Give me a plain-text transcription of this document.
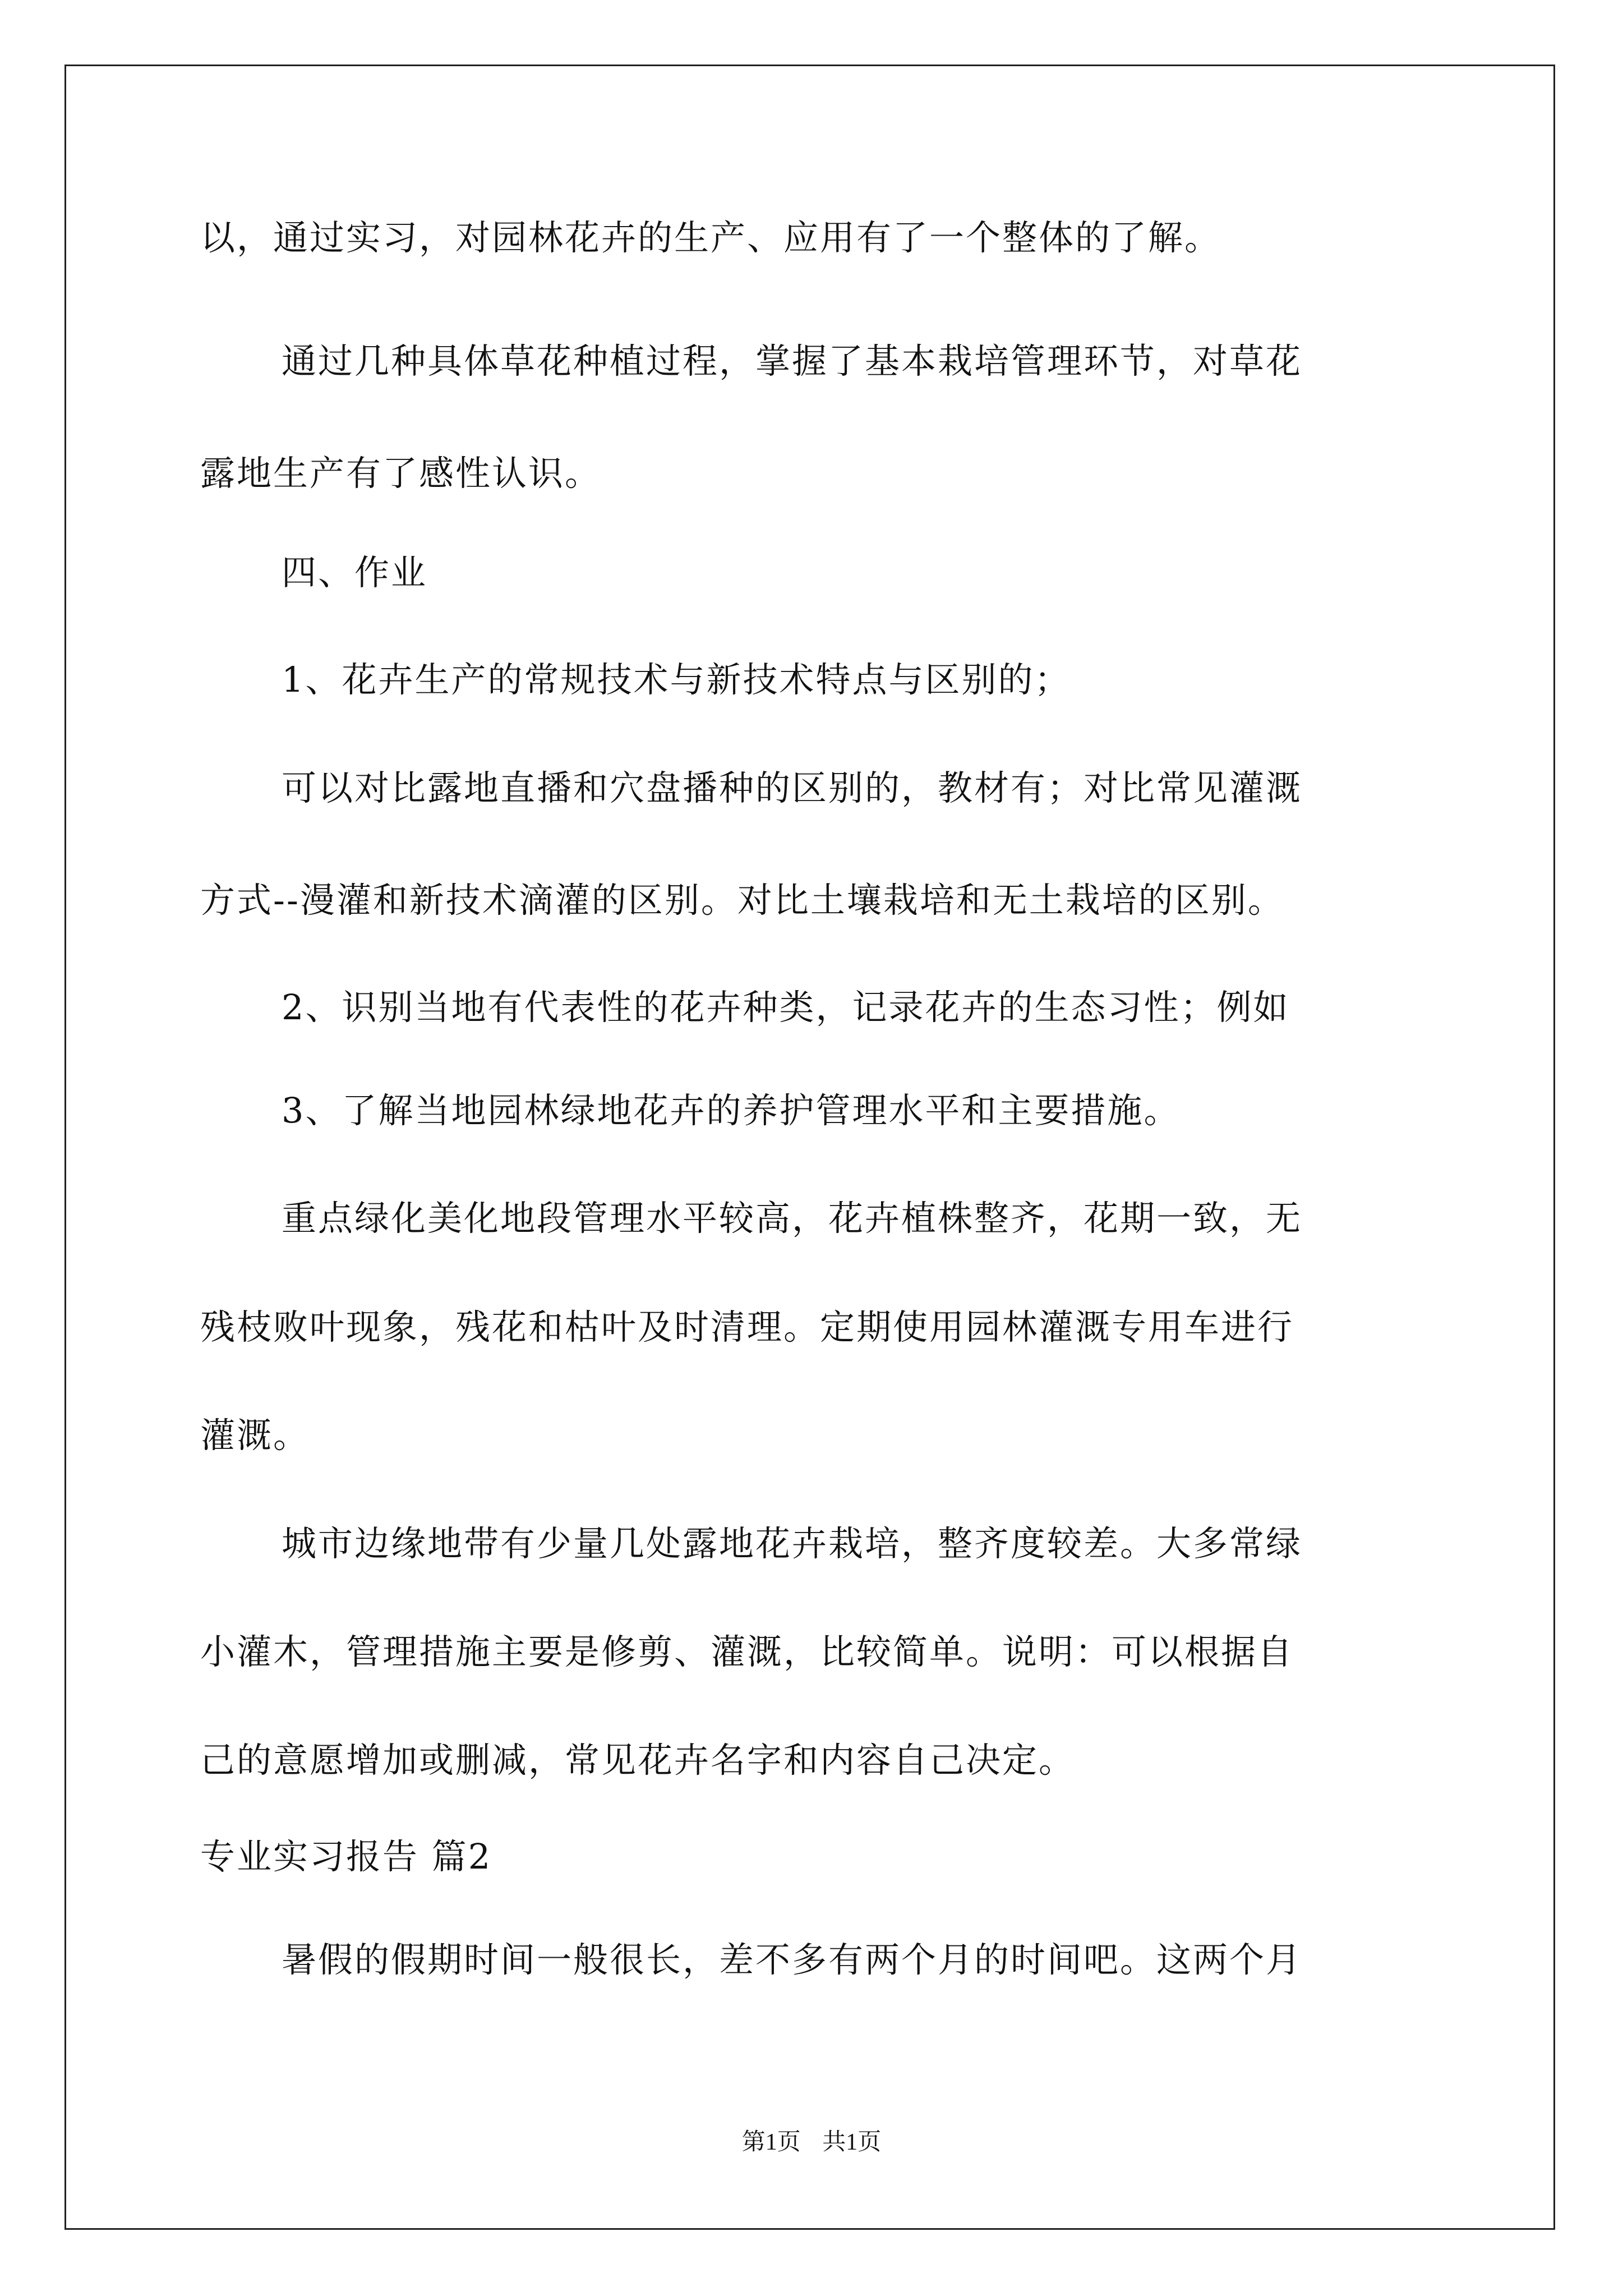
以，通过实习，对园林花卉的生产、应用有了一个整体的了解。

通过几种具体草花种植过程，掌握了基本栽培管理环节，对草花

露地生产有了感性认识。

四、作业

1、花卉生产的常规技术与新技术特点与区别的；

可以对比露地直播和穴盘播种的区别的，教材有；对比常见灌溉

方式--漫灌和新技术滴灌的区别。对比土壤栽培和无土栽培的区别。

2、识别当地有代表性的花卉种类，记录花卉的生态习性；例如

3、了解当地园林绿地花卉的养护管理水平和主要措施。

重点绿化美化地段管理水平较高，花卉植株整齐，花期一致，无

残枝败叶现象，残花和枯叶及时清理。定期使用园林灌溉专用车进行

灌溉。

城市边缘地带有少量几处露地花卉栽培，整齐度较差。大多常绿

小灌木，管理措施主要是修剪、灌溉，比较简单。说明：可以根据自

己的意愿增加或删减，常见花卉名字和内容自己决定。

专业实习报告 篇2

暑假的假期时间一般很长，差不多有两个月的时间吧。这两个月

第1页 共1页
